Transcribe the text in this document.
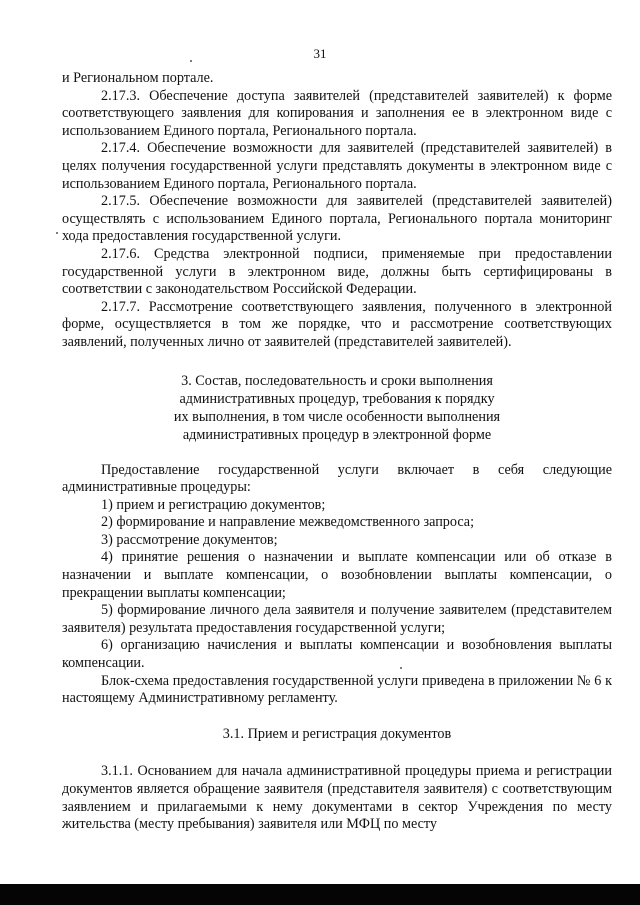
31

и Региональном портале.

2.17.3. Обеспечение доступа заявителей (представителей заявителей) к форме соответствующего заявления для копирования и заполнения ее в электронном виде с использованием Единого портала, Регионального портала.

2.17.4. Обеспечение возможности для заявителей (представителей заявителей) в целях получения государственной услуги представлять документы в электронном виде с использованием Единого портала, Регионального портала.

2.17.5. Обеспечение возможности для заявителей (представителей заявителей) осуществлять с использованием Единого портала, Регионального портала мониторинг хода предоставления государственной услуги.

2.17.6. Средства электронной подписи, применяемые при предоставлении государственной услуги в электронном виде, должны быть сертифицированы в соответствии с законодательством Российской Федерации.

2.17.7. Рассмотрение соответствующего заявления, полученного в электронной форме, осуществляется в том же порядке, что и рассмотрение соответствующих заявлений, полученных лично от заявителей (представителей заявителей).

3. Состав, последовательность и сроки выполнения
административных процедур, требования к порядку
их выполнения, в том числе особенности выполнения
административных процедур в электронной форме

Предоставление государственной услуги включает в себя следующие административные процедуры:

1) прием и регистрацию документов;

2) формирование и направление межведомственного запроса;

3) рассмотрение документов;

4) принятие решения о назначении и выплате компенсации или об отказе в назначении и выплате компенсации, о возобновлении выплаты компенсации, о прекращении выплаты компенсации;

5) формирование личного дела заявителя и получение заявителем (представителем заявителя) результата предоставления государственной услуги;

6) организацию начисления и выплаты компенсации и возобновления выплаты компенсации.

Блок-схема предоставления государственной услуги приведена в приложении № 6 к настоящему Административному регламенту.

3.1. Прием и регистрация документов

3.1.1. Основанием для начала административной процедуры приема и регистрации документов является обращение заявителя (представителя заявителя) с соответствующим заявлением и прилагаемыми к нему документами в сектор Учреждения по месту жительства (месту пребывания) заявителя или МФЦ по месту
